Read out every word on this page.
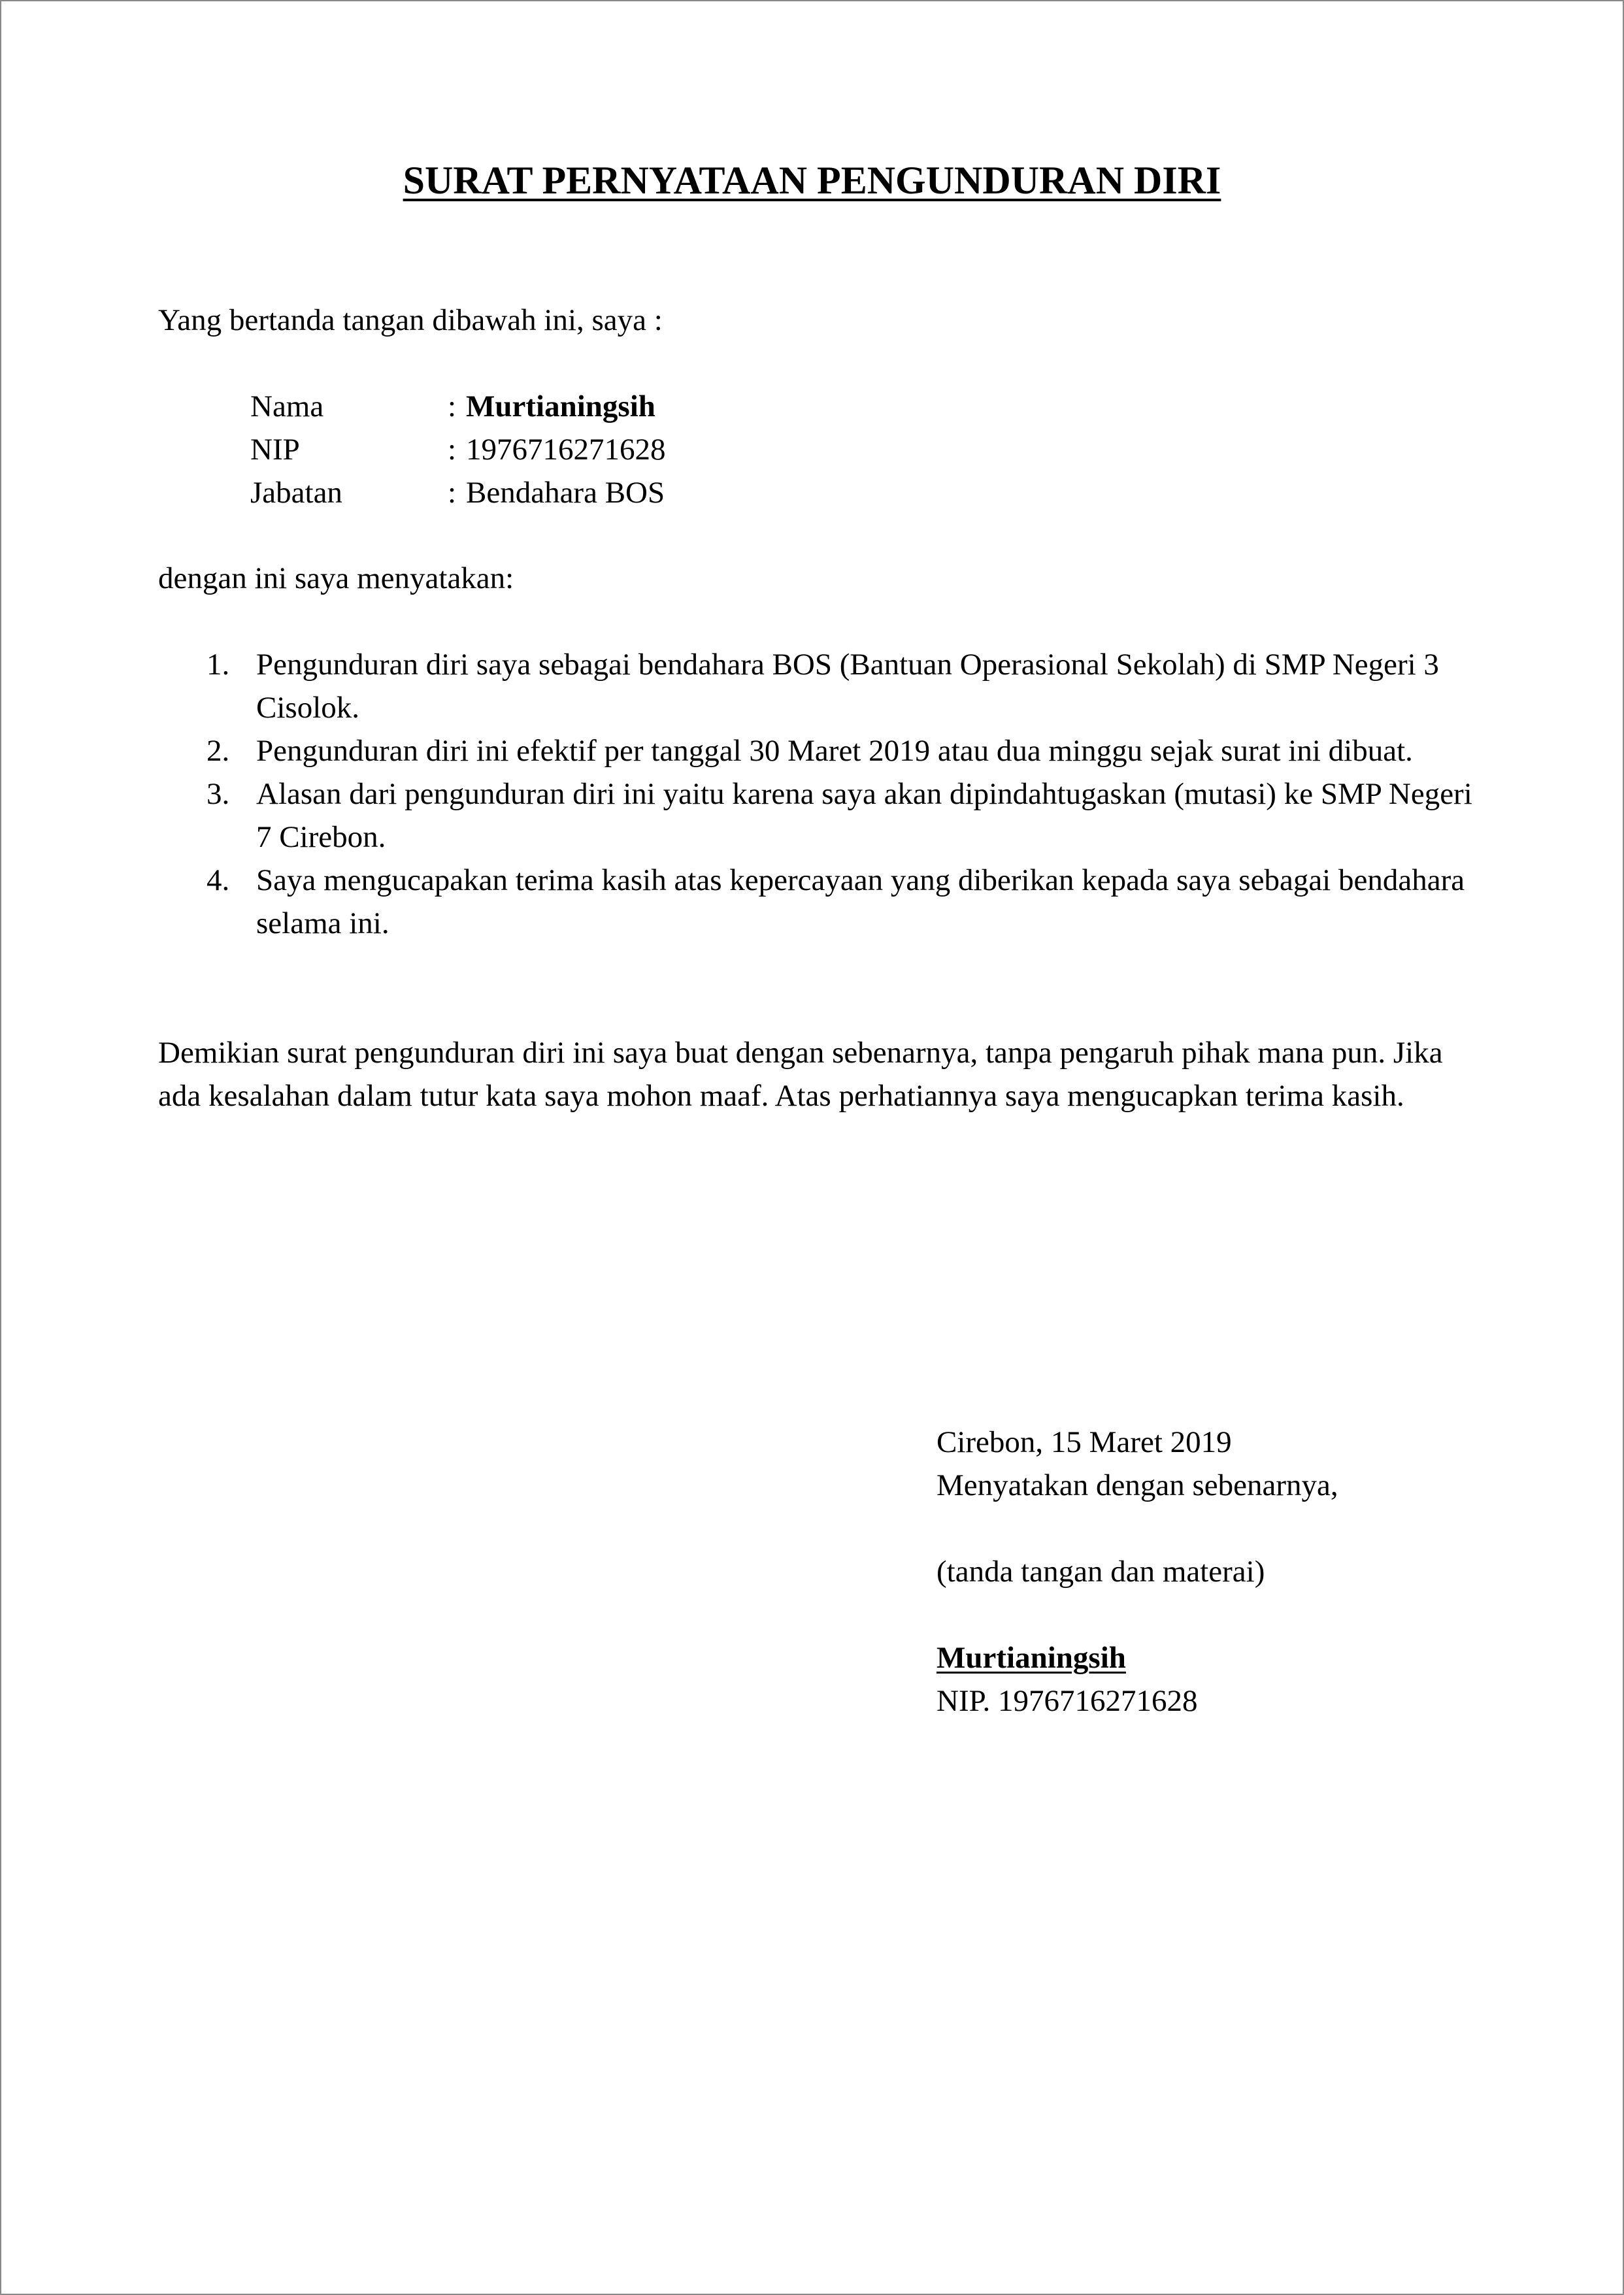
SURAT PERNYATAAN PENGUNDURAN DIRI

Yang bertanda tangan dibawah ini, saya :

Nama	: Murtianingsih
NIP	: 1976716271628
Jabatan	: Bendahara BOS

dengan ini saya menyatakan:

1. Pengunduran diri saya sebagai bendahara BOS (Bantuan Operasional Sekolah) di SMP Negeri 3 Cisolok.
2. Pengunduran diri ini efektif per tanggal 30 Maret 2019 atau dua minggu sejak surat ini dibuat.
3. Alasan dari pengunduran diri ini yaitu karena saya akan dipindahtugaskan (mutasi) ke SMP Negeri 7 Cirebon.
4. Saya mengucapakan terima kasih atas kepercayaan yang diberikan kepada saya sebagai bendahara selama ini.

Demikian surat pengunduran diri ini saya buat dengan sebenarnya, tanpa pengaruh pihak mana pun. Jika ada kesalahan dalam tutur kata saya mohon maaf. Atas perhatiannya saya mengucapkan terima kasih.

Cirebon, 15 Maret 2019
Menyatakan dengan sebenarnya,
(tanda tangan dan materai)
Murtianingsih
NIP. 1976716271628
